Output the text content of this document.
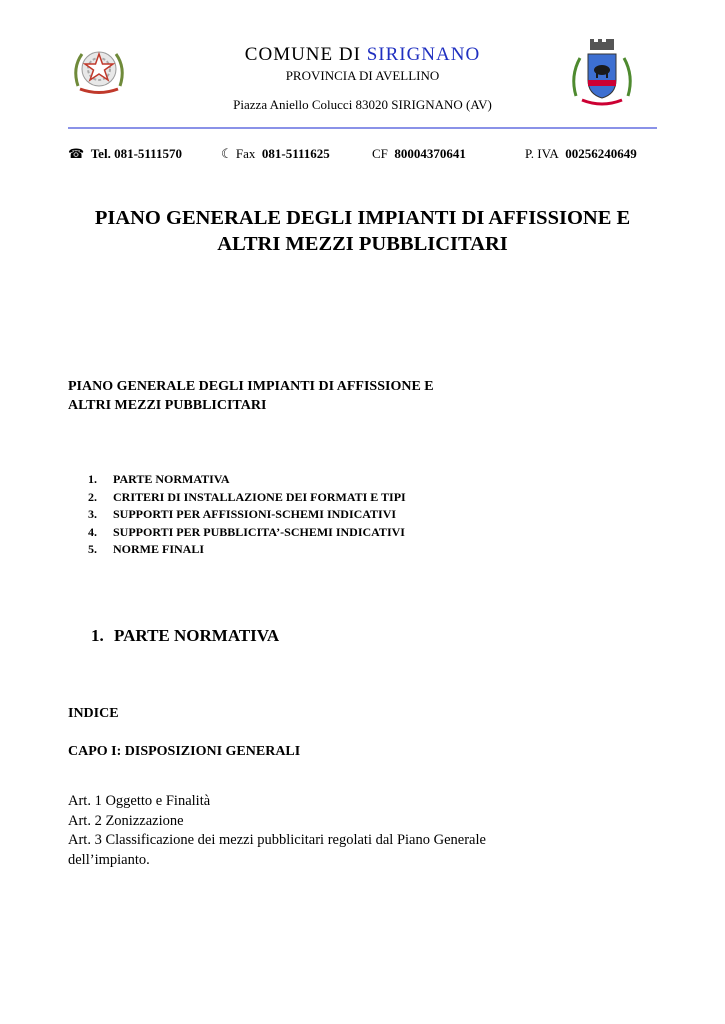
COMUNE DI SIRIGNANO
PROVINCIA DI AVELLINO
Piazza Aniello Colucci 83020 SIRIGNANO (AV)
☎ Tel. 081-5111570	☾ Fax 081-5111625	CF 80004370641	P. IVA 00256240649
PIANO GENERALE DEGLI IMPIANTI DI AFFISSIONE E
ALTRI MEZZI PUBBLICITARI
PIANO GENERALE DEGLI IMPIANTI DI AFFISSIONE E
ALTRI MEZZI PUBBLICITARI
1. PARTE NORMATIVA
2. CRITERI DI INSTALLAZIONE DEI FORMATI E TIPI
3. SUPPORTI PER AFFISSIONI-SCHEMI INDICATIVI
4. SUPPORTI PER PUBBLICITA’-SCHEMI INDICATIVI
5. NORME FINALI
1. PARTE NORMATIVA
INDICE
CAPO I: DISPOSIZIONI GENERALI
Art. 1 Oggetto e Finalità
Art. 2 Zonizzazione
Art. 3 Classificazione dei mezzi pubblicitari regolati dal Piano Generale
dell’impianto.
